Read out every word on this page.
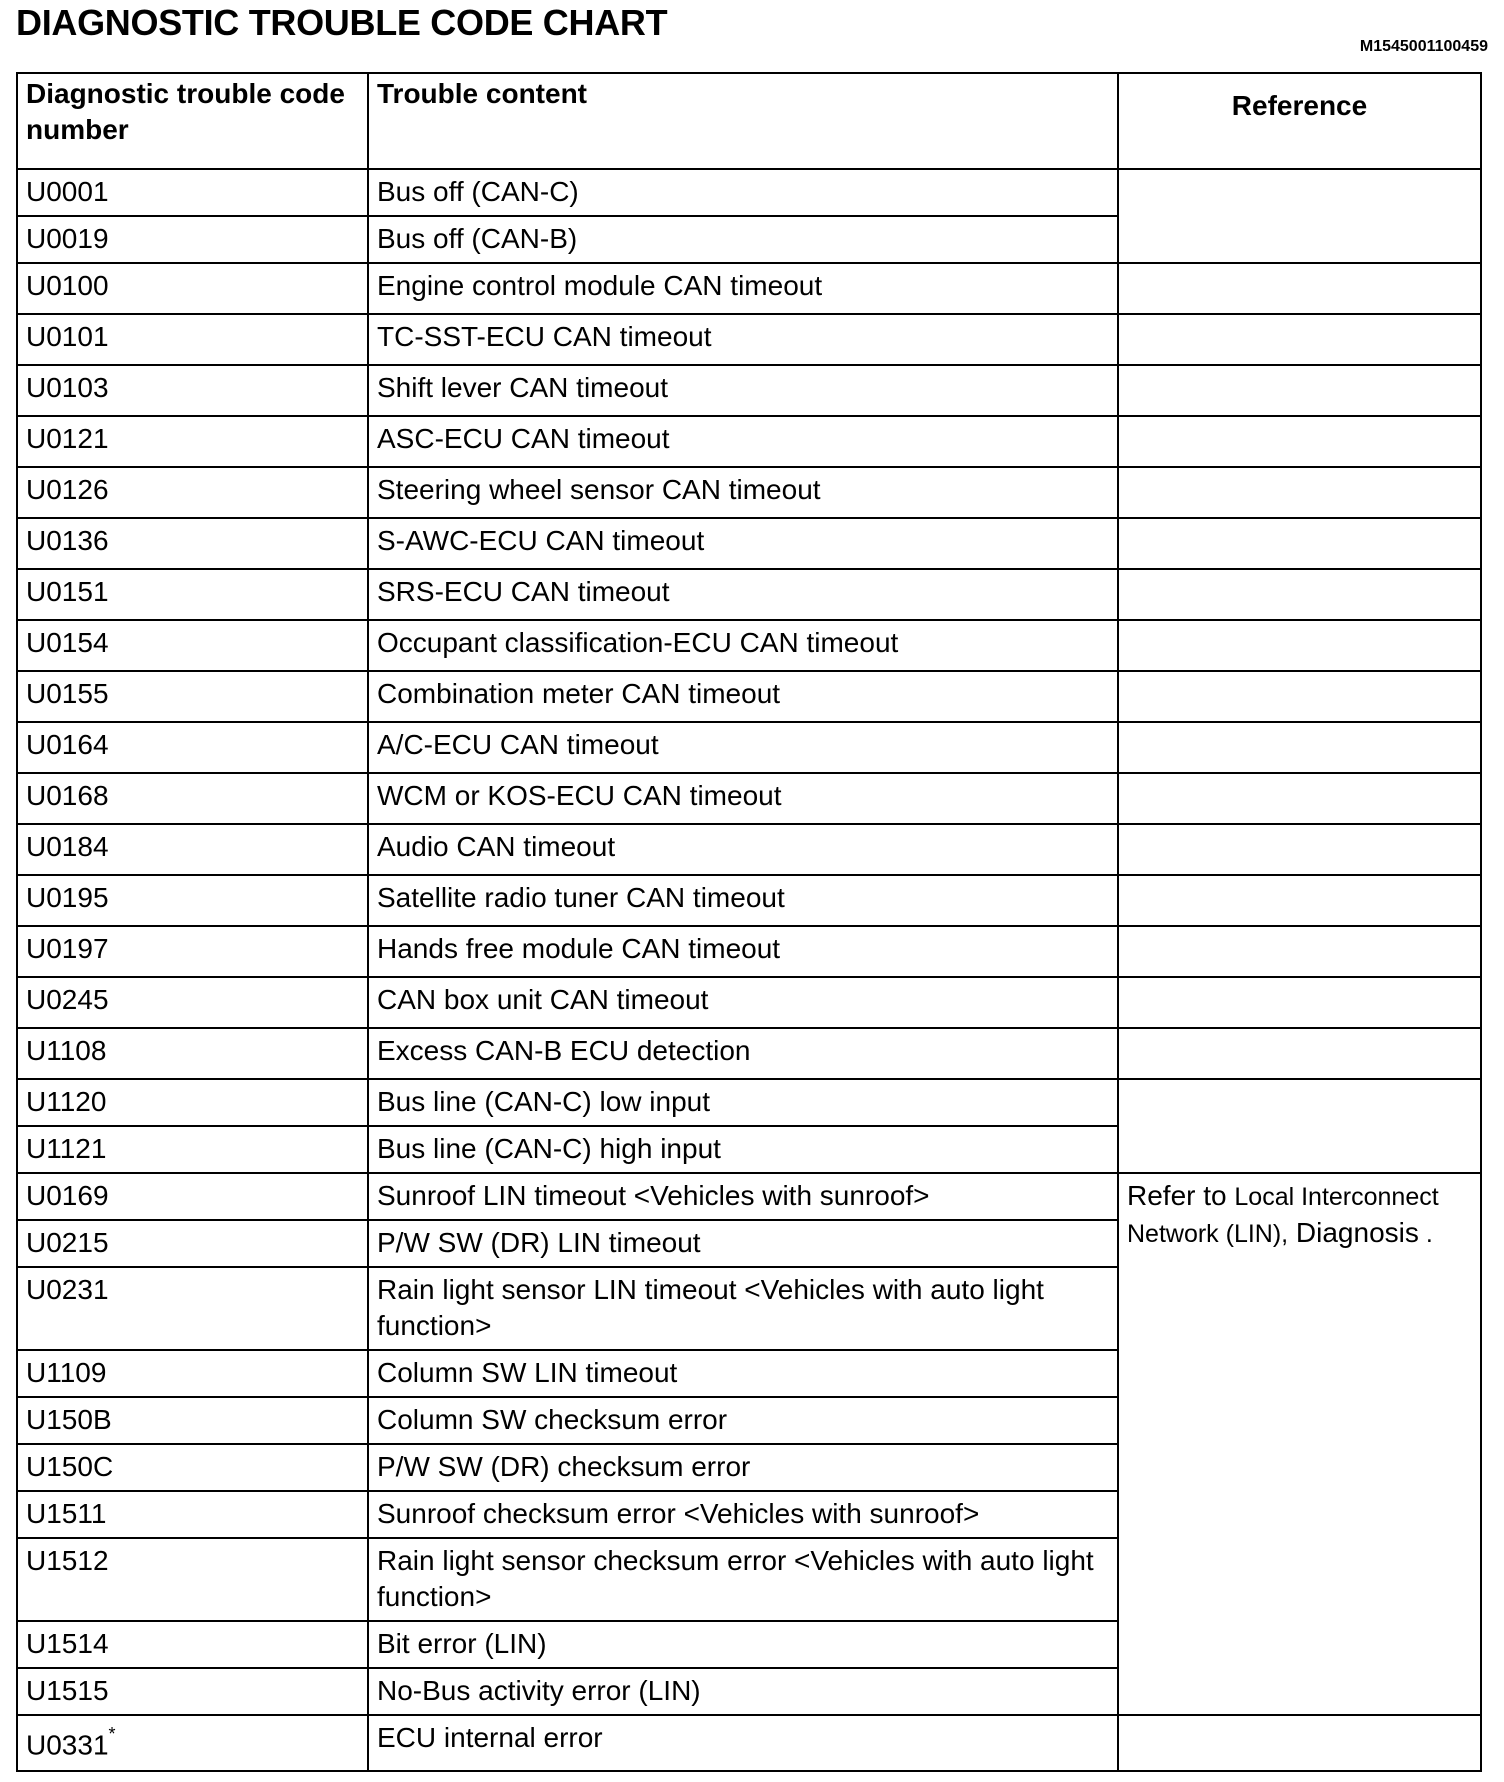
DIAGNOSTIC TROUBLE CODE CHART
M1545001100459
Diagnostic trouble code number	Trouble content	Reference
U0001	Bus off (CAN-C)	
U0019	Bus off (CAN-B)	
U0100	Engine control module CAN timeout	
U0101	TC-SST-ECU CAN timeout	
U0103	Shift lever CAN timeout	
U0121	ASC-ECU CAN timeout	
U0126	Steering wheel sensor CAN timeout	
U0136	S-AWC-ECU CAN timeout	
U0151	SRS-ECU CAN timeout	
U0154	Occupant classification-ECU CAN timeout	
U0155	Combination meter CAN timeout	
U0164	A/C-ECU CAN timeout	
U0168	WCM or KOS-ECU CAN timeout	
U0184	Audio CAN timeout	
U0195	Satellite radio tuner CAN timeout	
U0197	Hands free module CAN timeout	
U0245	CAN box unit CAN timeout	
U1108	Excess CAN-B ECU detection	
U1120	Bus line (CAN-C) low input	
U1121	Bus line (CAN-C) high input	
U0169	Sunroof LIN timeout <Vehicles with sunroof>	Refer to Local Interconnect Network (LIN), Diagnosis .
U0215	P/W SW (DR) LIN timeout	
U0231	Rain light sensor LIN timeout <Vehicles with auto light function>	
U1109	Column SW LIN timeout	
U150B	Column SW checksum error	
U150C	P/W SW (DR) checksum error	
U1511	Sunroof checksum error <Vehicles with sunroof>	
U1512	Rain light sensor checksum error <Vehicles with auto light function>	
U1514	Bit error (LIN)	
U1515	No-Bus activity error (LIN)	
U0331*	ECU internal error	
